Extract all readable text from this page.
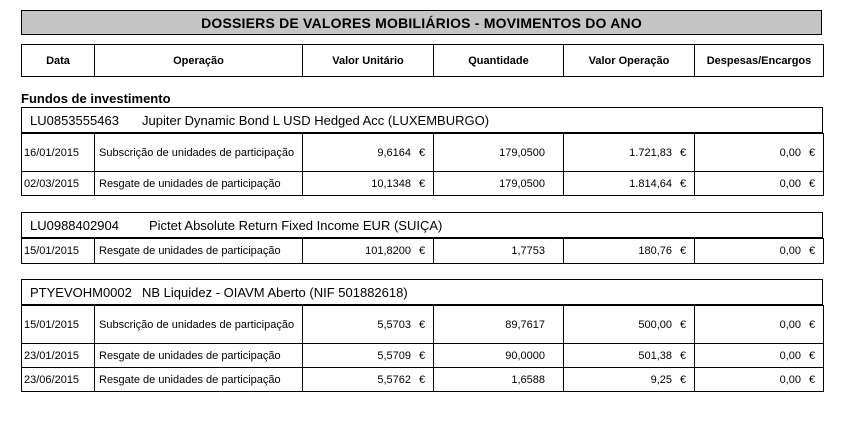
DOSSIERS DE VALORES MOBILIÁRIOS - MOVIMENTOS DO ANO
Data	Operação	Valor Unitário	Quantidade	Valor Operação	Despesas/Encargos
Fundos de investimento
LU0853555463	Jupiter Dynamic Bond L USD Hedged Acc (LUXEMBURGO)
16/01/2015	Subscrição de unidades de participação	9,6164 €	179,0500	1.721,83 €	0,00 €
02/03/2015	Resgate de unidades de participação	10,1348 €	179,0500	1.814,64 €	0,00 €
LU0988402904	Pictet Absolute Return Fixed Income EUR (SUIÇA)
15/01/2015	Resgate de unidades de participação	101,8200 €	1,7753	180,76 €	0,00 €
PTYEVOHM0002 NB Liquidez - OIAVM Aberto (NIF 501882618)
15/01/2015	Subscrição de unidades de participação	5,5703 €	89,7617	500,00 €	0,00 €
23/01/2015	Resgate de unidades de participação	5,5709 €	90,0000	501,38 €	0,00 €
23/06/2015	Resgate de unidades de participação	5,5762 €	1,6588	9,25 €	0,00 €
